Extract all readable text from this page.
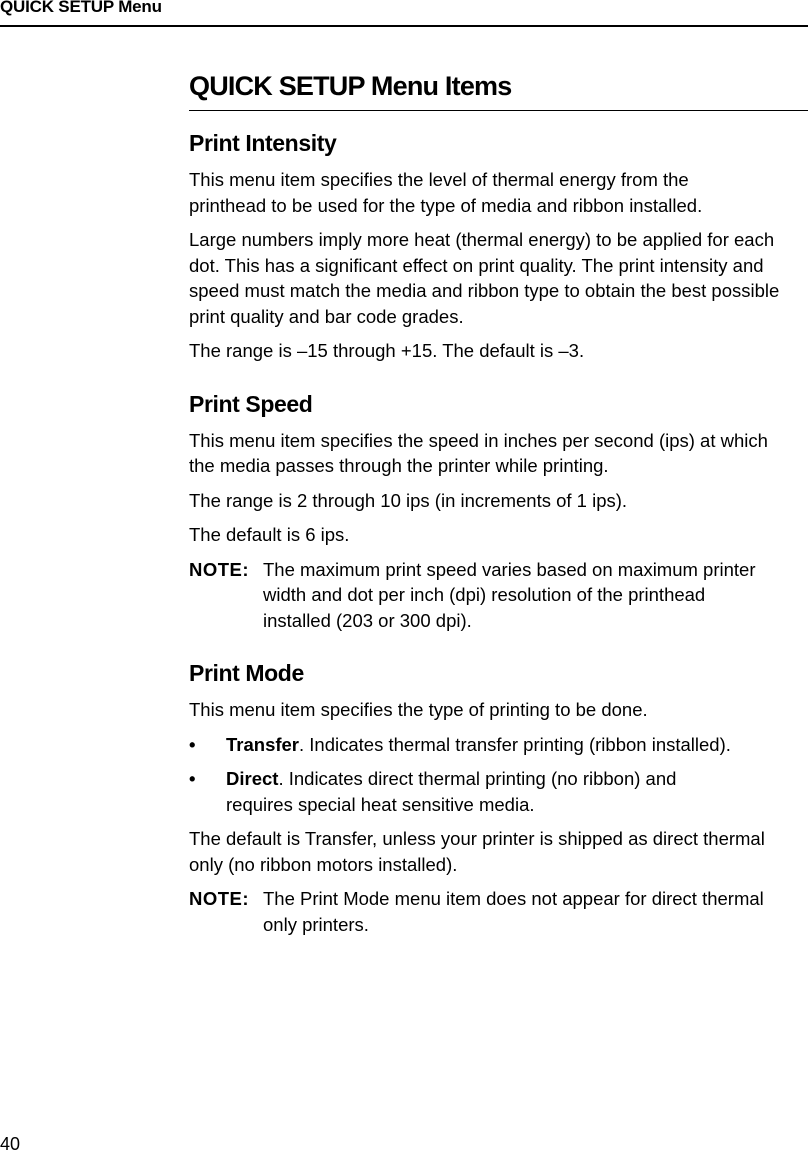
QUICK SETUP Menu
QUICK SETUP Menu Items
Print Intensity

This menu item specifies the level of thermal energy from the printhead to be used for the type of media and ribbon installed.

Large numbers imply more heat (thermal energy) to be applied for each dot. This has a significant effect on print quality. The print intensity and speed must match the media and ribbon type to obtain the best possible print quality and bar code grades.

The range is –15 through +15. The default is –3.

Print Speed

This menu item specifies the speed in inches per second (ips) at which the media passes through the printer while printing.

The range is 2 through 10 ips (in increments of 1 ips).

The default is 6 ips.

NOTE: The maximum print speed varies based on maximum printer width and dot per inch (dpi) resolution of the printhead installed (203 or 300 dpi).
Print Mode

This menu item specifies the type of printing to be done.

•	Transfer. Indicates thermal transfer printing (ribbon installed).
•	Direct. Indicates direct thermal printing (no ribbon) and requires special heat sensitive media.

The default is Transfer, unless your printer is shipped as direct thermal only (no ribbon motors installed).

NOTE: The Print Mode menu item does not appear for direct thermal only printers.
40
